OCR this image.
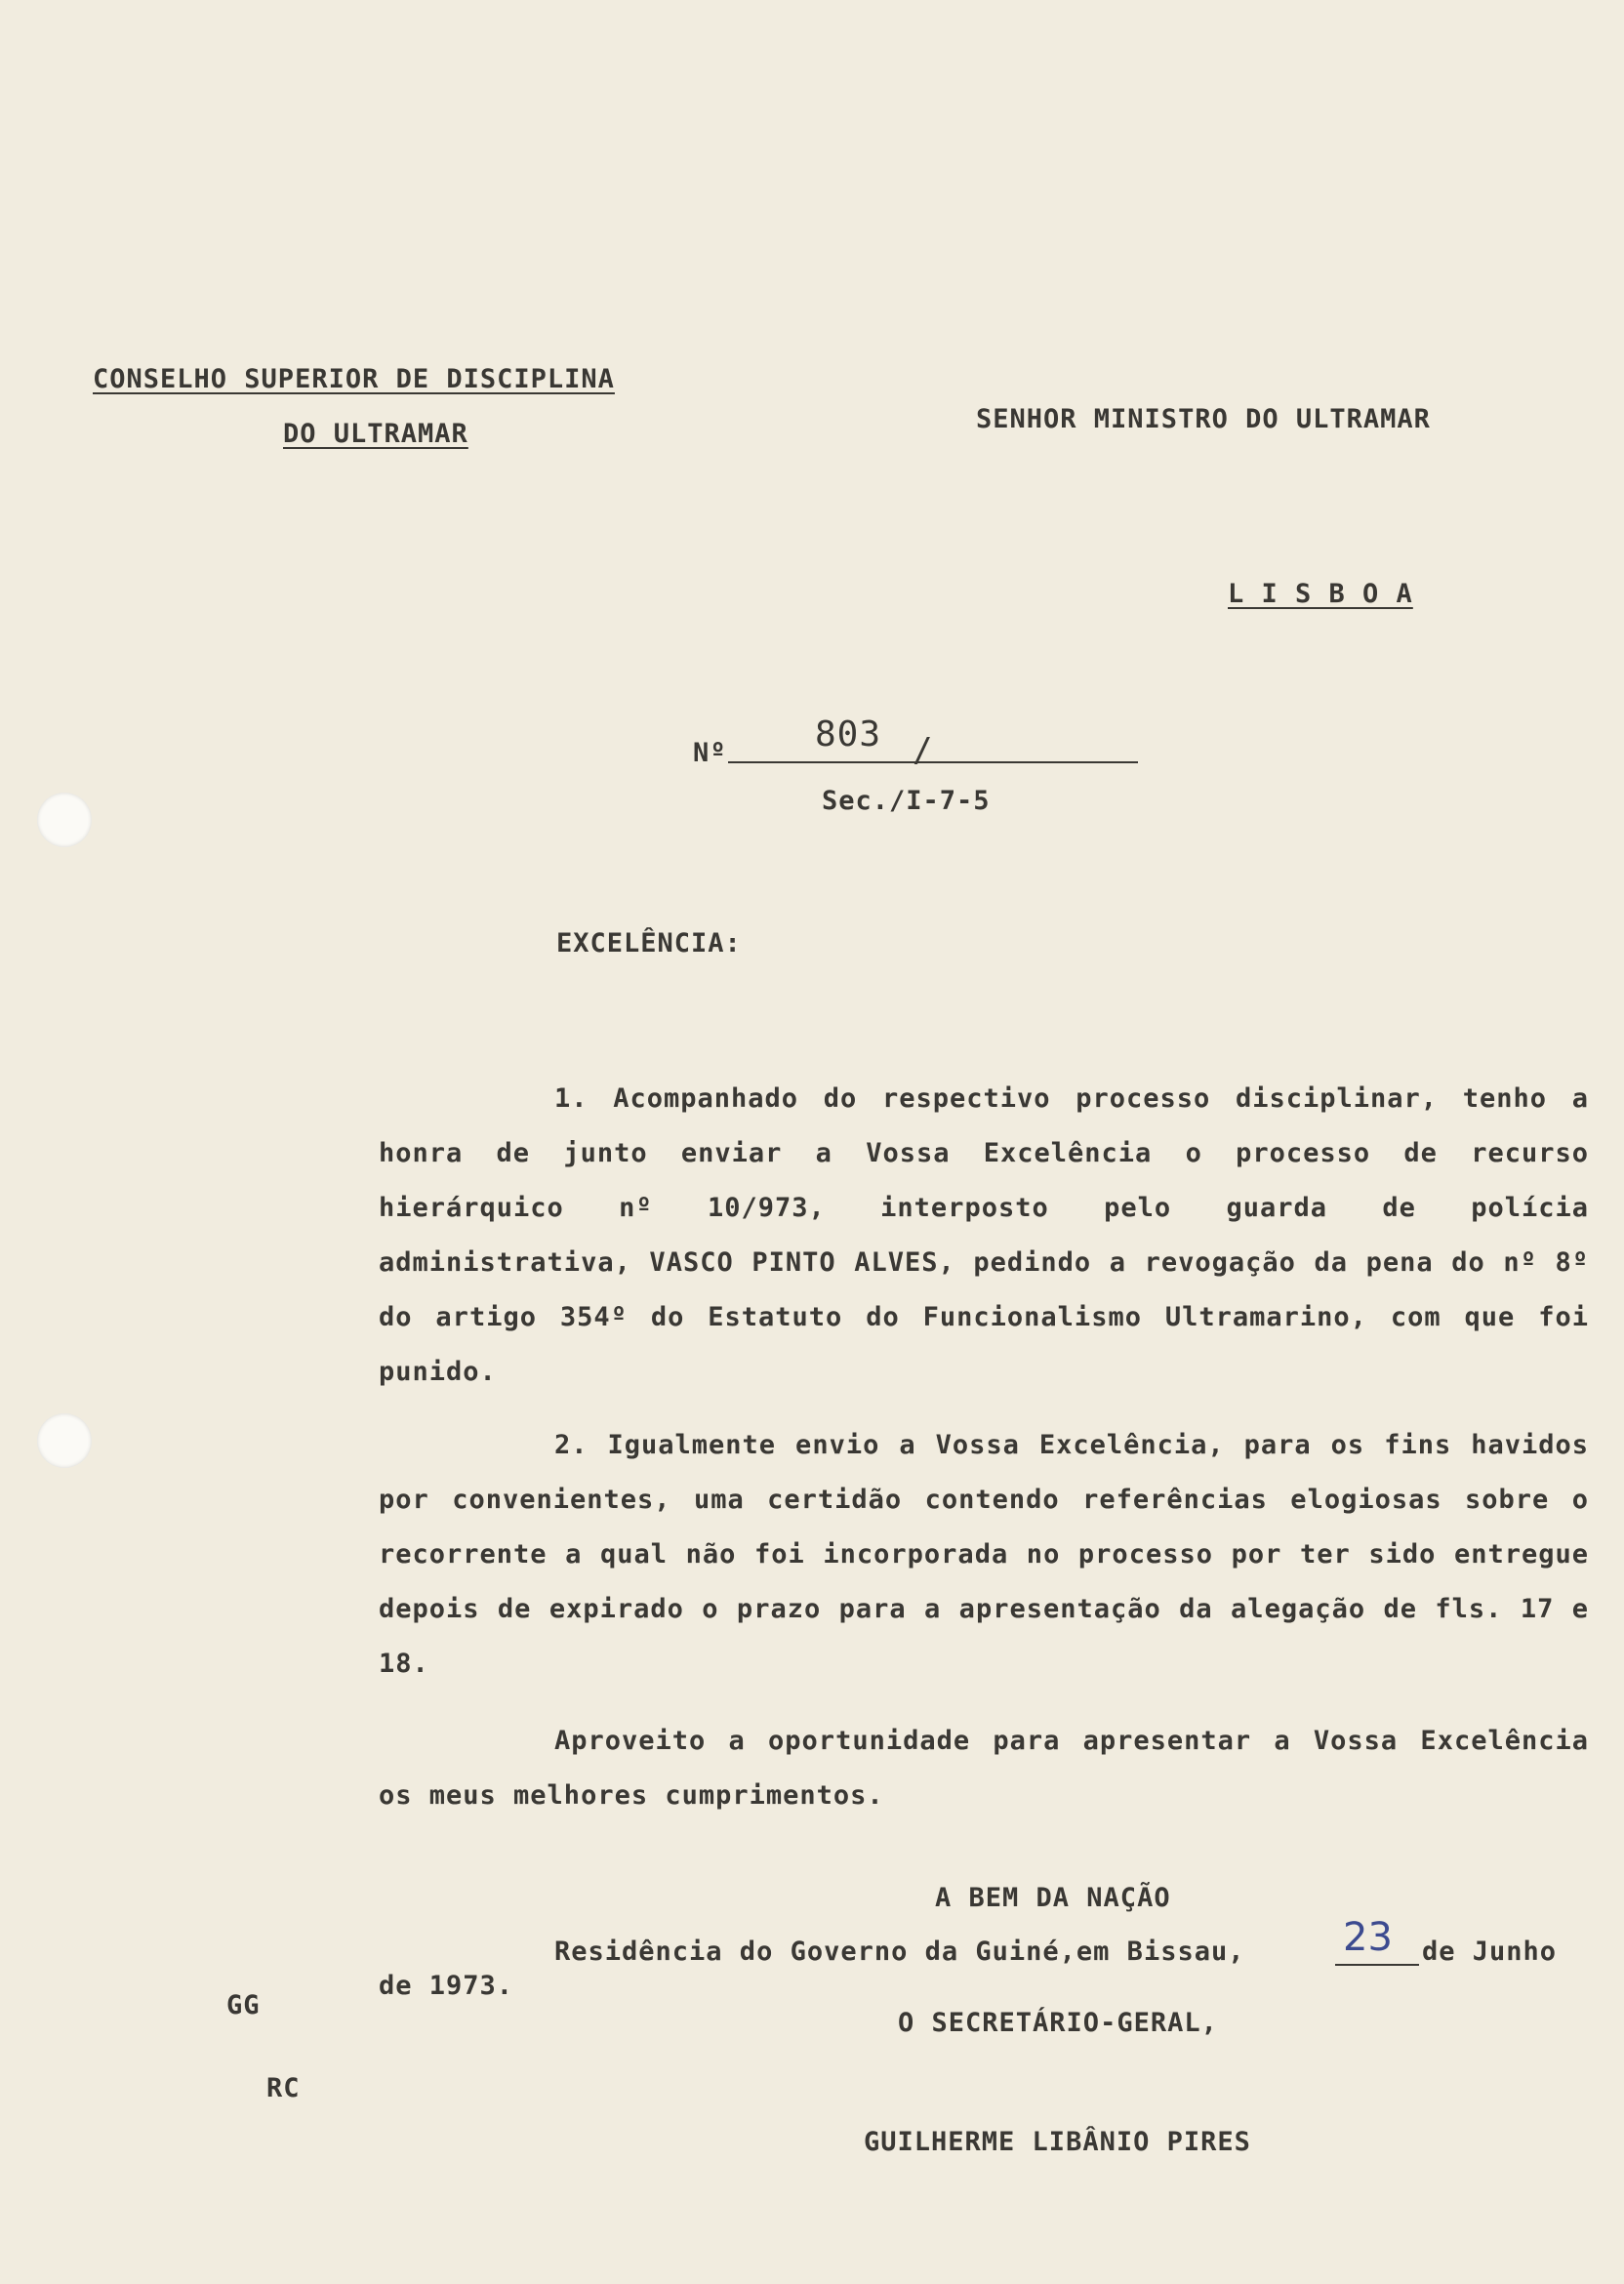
CONSELHO SUPERIOR DE DISCIPLINA
DO ULTRAMAR	SENHOR MINISTRO DO ULTRAMAR
L I S B O A
Nº	803 /
Sec./I-7-5
EXCELÊNCIA:
1. Acompanhado do respectivo processo disciplinar, tenho a honra de junto enviar a Vossa Excelência o processo de recurso hierárquico nº 10/973, interposto pelo guarda de polícia administrativa, VASCO PINTO ALVES, pedindo a revogação da pena do nº 8º do artigo 354º do Estatuto do Funcionalismo Ultramarino, com que foi punido.
2. Igualmente envio a Vossa Excelência, para os fins havidos por convenientes, uma certidão contendo referências elogiosas sobre o recorrente a qual não foi incorporada no processo por ter sido entregue depois de expirado o prazo para a apresentação da alegação de fls. 17 e 18.
Aproveito a oportunidade para apresentar a Vossa Excelência os meus melhores cumprimentos.
A BEM DA NAÇÃO
Residência do Governo da Guiné,em Bissau,	23 de Junho
de 1973.
O SECRETÁRIO-GERAL,
GUILHERME LIBÂNIO PIRES
GG
RC
